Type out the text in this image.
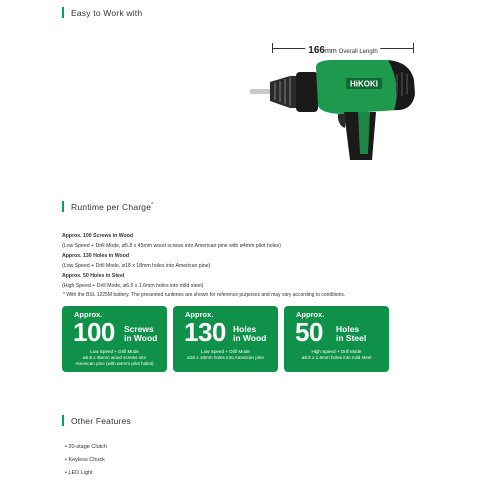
Easy to Work with
166mm Overall Length
HiKOKI
Runtime per Charge*
Approx. 100 Screws in Wood
(Low Speed + Drill Mode, ø5.8 x 45mm wood screws into American pine with ø4mm pilot holes)
Approx. 130 Holes in Wood
(Low Speed + Drill Mode, ø18 x 18mm holes into American pine)
Approx. 50 Holes in Steel
(High Speed + Drill Mode, ø6.5 x 1.6mm holes into mild steel)
* With the BSL 1225M battery. The presented runtimes are shown for reference purposes and may vary according to conditions.
Approx.
100 Screws
in Wood
Low Speed + Drill Mode
ø5.8 x 45mm wood screws into
American pine (with ø4mm pilot holes)
Approx.
130 Holes
in Wood
Low Speed + Drill Mode
ø18 x 18mm holes into American pine
Approx.
50 Holes
in Steel
High Speed + Drill Mode
ø6.5 x 1.6mm holes into mild steel
Other Features
• 20-stage Clutch
• Keyless Chuck
• LED Light
